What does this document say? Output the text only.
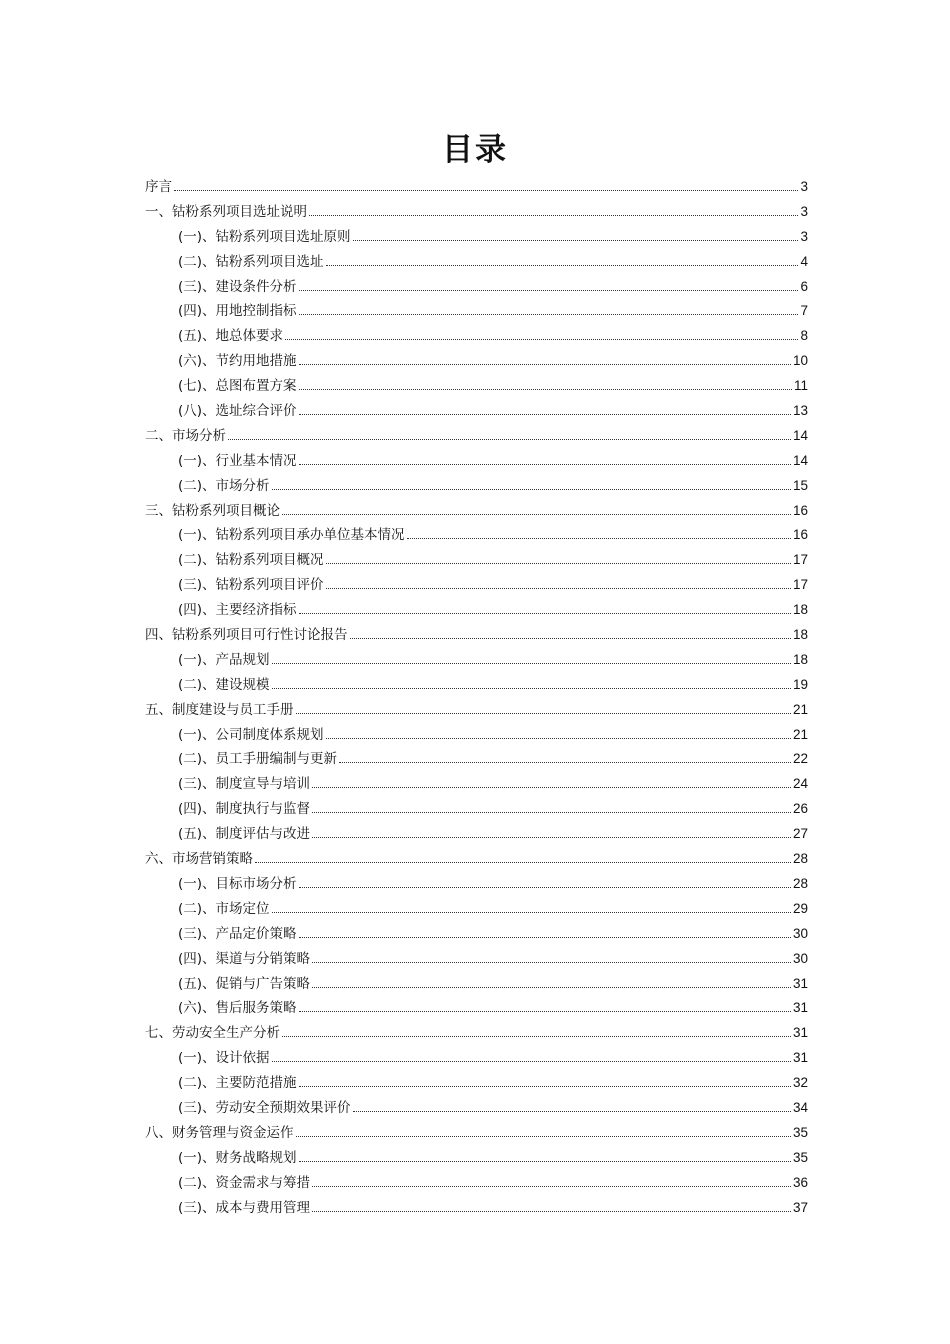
目录
序言	3
一、钴粉系列项目选址说明	3
(一)、钴粉系列项目选址原则	3
(二)、钴粉系列项目选址	4
(三)、建设条件分析	6
(四)、用地控制指标	7
(五)、地总体要求	8
(六)、节约用地措施	10
(七)、总图布置方案	11
(八)、选址综合评价	13
二、市场分析	14
(一)、行业基本情况	14
(二)、市场分析	15
三、钴粉系列项目概论	16
(一)、钴粉系列项目承办单位基本情况	16
(二)、钴粉系列项目概况	17
(三)、钴粉系列项目评价	17
(四)、主要经济指标	18
四、钴粉系列项目可行性讨论报告	18
(一)、产品规划	18
(二)、建设规模	19
五、制度建设与员工手册	21
(一)、公司制度体系规划	21
(二)、员工手册编制与更新	22
(三)、制度宣导与培训	24
(四)、制度执行与监督	26
(五)、制度评估与改进	27
六、市场营销策略	28
(一)、目标市场分析	28
(二)、市场定位	29
(三)、产品定价策略	30
(四)、渠道与分销策略	30
(五)、促销与广告策略	31
(六)、售后服务策略	31
七、劳动安全生产分析	31
(一)、设计依据	31
(二)、主要防范措施	32
(三)、劳动安全预期效果评价	34
八、财务管理与资金运作	35
(一)、财务战略规划	35
(二)、资金需求与筹措	36
(三)、成本与费用管理	37
